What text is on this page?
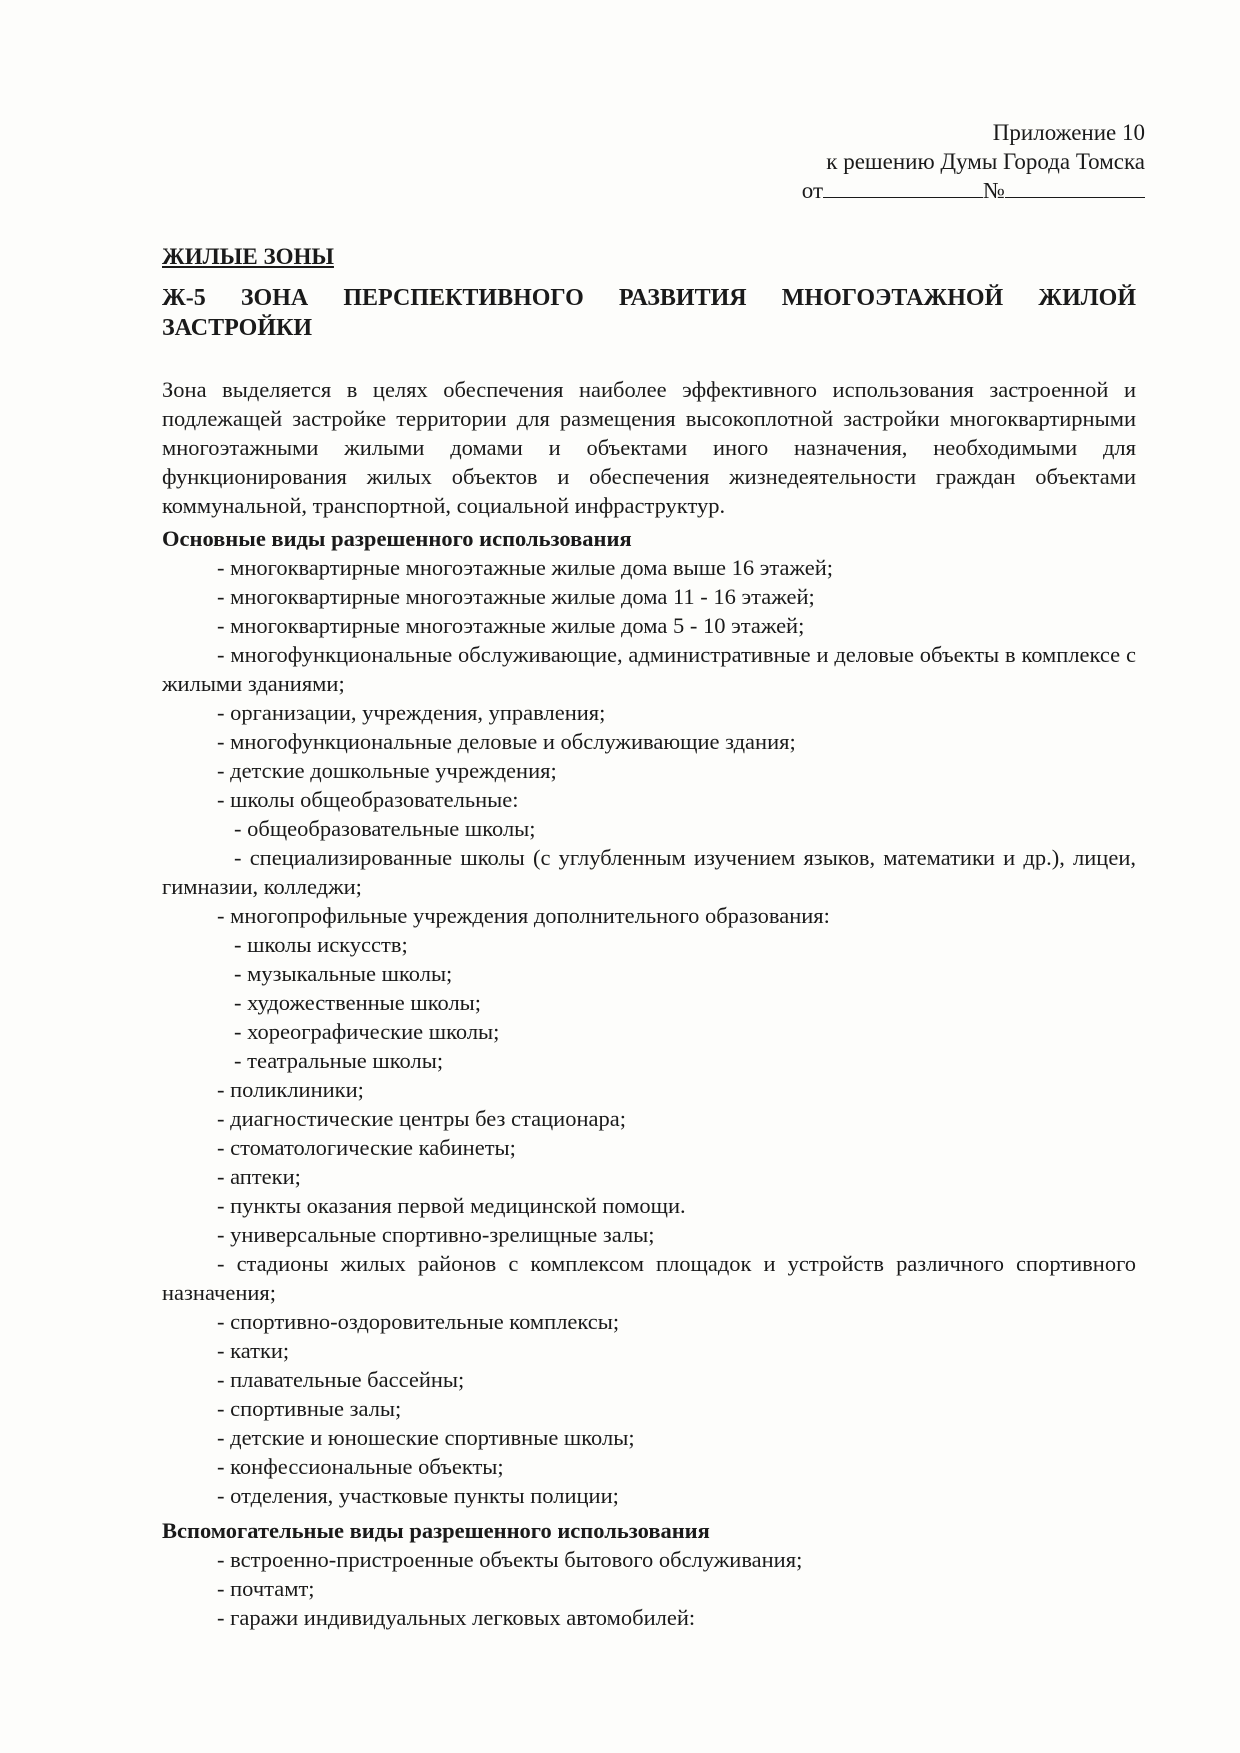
Приложение 10
к решению Думы Города Томска
от	№
ЖИЛЫЕ ЗОНЫ
Ж-5 ЗОНА ПЕРСПЕКТИВНОГО РАЗВИТИЯ МНОГОЭТАЖНОЙ ЖИЛОЙ ЗАСТРОЙКИ

Зона выделяется в целях обеспечения наиболее эффективного использования застроенной и подлежащей застройке территории для размещения высокоплотной застройки многоквартирными многоэтажными жилыми домами и объектами иного назначения, необходимыми для функционирования жилых объектов и обеспечения жизнедеятельности граждан объектами коммунальной, транспортной, социальной инфраструктур.

Основные виды разрешенного использования

- многоквартирные многоэтажные жилые дома выше 16 этажей;
- многоквартирные многоэтажные жилые дома 11 - 16 этажей;
- многоквартирные многоэтажные жилые дома 5 - 10 этажей;
- многофункциональные обслуживающие, административные и деловые объекты в комплексе с жилыми зданиями;
- организации, учреждения, управления;
- многофункциональные деловые и обслуживающие здания;
- детские дошкольные учреждения;
- школы общеобразовательные:
- общеобразовательные школы;
- специализированные школы (с углубленным изучением языков, математики и др.), лицеи, гимназии, колледжи;
- многопрофильные учреждения дополнительного образования:
- школы искусств;
- музыкальные школы;
- художественные школы;
- хореографические школы;
- театральные школы;
- поликлиники;
- диагностические центры без стационара;
- стоматологические кабинеты;
- аптеки;
- пункты оказания первой медицинской помощи.
- универсальные спортивно-зрелищные залы;
- стадионы жилых районов с комплексом площадок и устройств различного спортивного назначения;
- спортивно-оздоровительные комплексы;
- катки;
- плавательные бассейны;
- спортивные залы;
- детские и юношеские спортивные школы;
- конфессиональные объекты;
- отделения, участковые пункты полиции;

Вспомогательные виды разрешенного использования

- встроенно-пристроенные объекты бытового обслуживания;
- почтамт;
- гаражи индивидуальных легковых автомобилей:
